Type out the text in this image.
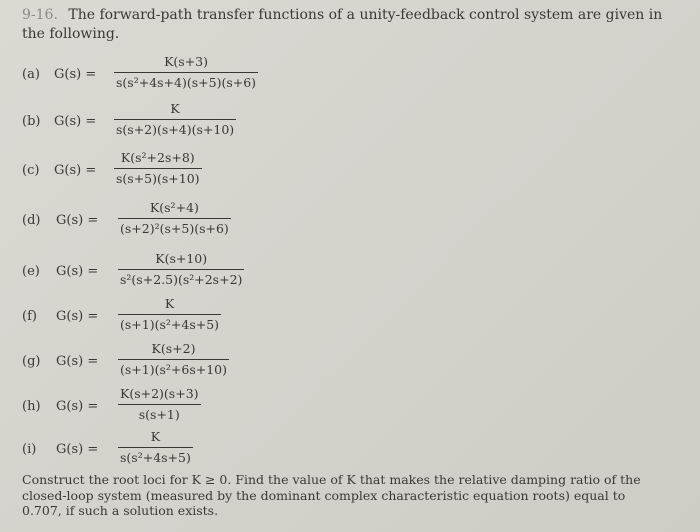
9-16. The forward-path transfer functions of a unity-feedback control system are given in the following.
(a) G(s) =
K(s+3)
s(s²+4s+4)(s+5)(s+6)
(b) G(s) =
K
s(s+2)(s+4)(s+10)
(c) G(s) =
K(s²+2s+8)
s(s+5)(s+10)
(d) G(s) =
K(s²+4)
(s+2)²(s+5)(s+6)
(e) G(s) =
K(s+10)
s²(s+2.5)(s²+2s+2)
(f) G(s) =
K
(s+1)(s²+4s+5)
(g) G(s) =
K(s+2)
(s+1)(s²+6s+10)
(h) G(s) =
K(s+2)(s+3)
s(s+1)
(i) G(s) =
K
s(s²+4s+5)
Construct the root loci for K ≥ 0. Find the value of K that makes the relative damping ratio of the closed-loop system (measured by the dominant complex characteristic equation roots) equal to 0.707, if such a solution exists.
